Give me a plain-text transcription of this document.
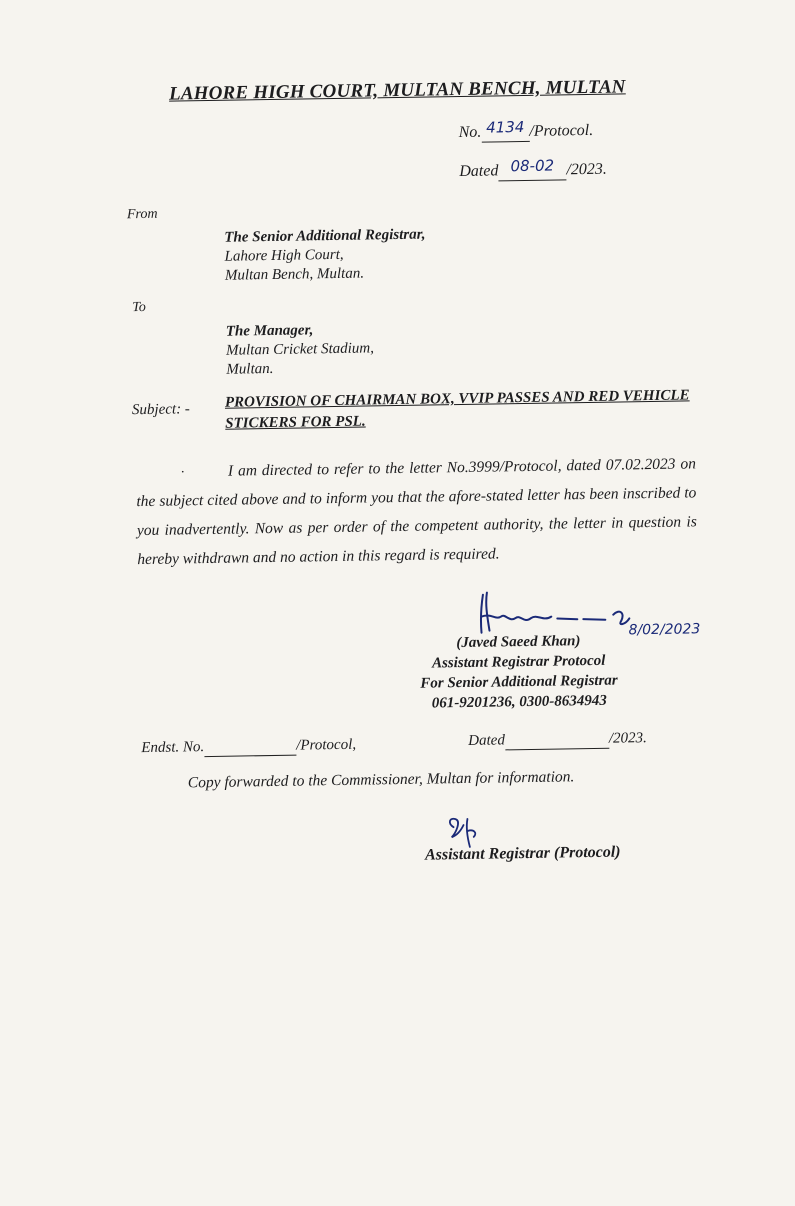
LAHORE HIGH COURT, MULTAN BENCH, MULTAN
No. 4134 /Protocol.
Dated 08-02 /2023.
From
The Senior Additional Registrar,
Lahore High Court,
Multan Bench, Multan.
To
The Manager,
Multan Cricket Stadium,
Multan.
Subject: - PROVISION OF CHAIRMAN BOX, VVIP PASSES AND RED VEHICLE STICKERS FOR PSL.
.	I am directed to refer to the letter No.3999/Protocol, dated 07.02.2023 on the subject cited above and to inform you that the afore-stated letter has been inscribed to you inadvertently. Now as per order of the competent authority, the letter in question is hereby withdrawn and no action in this regard is required.
8/02/2023
(Javed Saeed Khan)
Assistant Registrar Protocol
For Senior Additional Registrar
061-9201236, 0300-8634943
Endst. No.	/Protocol,	Dated	/2023.
Copy forwarded to the Commissioner, Multan for information.
Assistant Registrar (Protocol)
